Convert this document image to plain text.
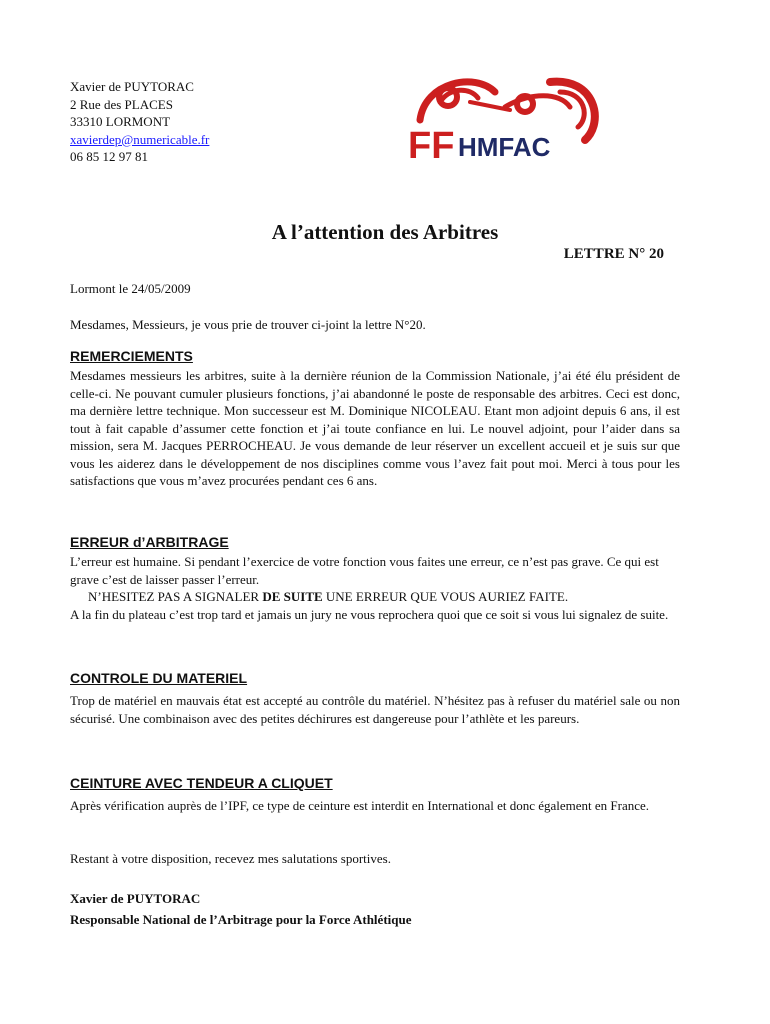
Xavier de PUYTORAC
2 Rue des PLACES
33310 LORMONT
xavierdep@numericable.fr
06 85 12 97 81	FF HMFAC
A l’attention des Arbitres
LETTRE N° 20
Lormont le 24/05/2009
Mesdames, Messieurs, je vous prie de trouver ci-joint la lettre N°20.
REMERCIEMENTS
Mesdames messieurs les arbitres, suite à la dernière réunion de la Commission Nationale, j’ai été élu président de celle-ci. Ne pouvant cumuler plusieurs fonctions, j’ai abandonné le poste de responsable des arbitres. Ceci est donc, ma dernière lettre technique. Mon successeur est M. Dominique NICOLEAU. Etant mon adjoint depuis 6 ans, il est tout à fait capable d’assumer cette fonction et j’ai toute confiance en lui. Le nouvel adjoint, pour l’aider dans sa mission, sera M. Jacques PERROCHEAU. Je vous demande de leur réserver un excellent accueil et je suis sur que vous les aiderez dans le développement de nos disciplines comme vous l’avez fait pout moi. Merci à tous pour les satisfactions que vous m’avez procurées pendant ces 6 ans.
ERREUR d’ARBITRAGE
L’erreur est humaine. Si pendant l’exercice de votre fonction vous faites une erreur, ce n’est pas grave. Ce qui est grave c’est de laisser passer l’erreur.
N’HESITEZ PAS A SIGNALER DE SUITE UNE ERREUR QUE VOUS AURIEZ FAITE.
A la fin du plateau c’est trop tard et jamais un jury ne vous reprochera quoi que ce soit si vous lui signalez de suite.
CONTROLE DU MATERIEL
Trop de matériel en mauvais état est accepté au contrôle du matériel. N’hésitez pas à refuser du matériel sale ou non sécurisé. Une combinaison avec des petites déchirures est dangereuse pour l’athlète et les pareurs.
CEINTURE AVEC TENDEUR A CLIQUET
Après vérification auprès de l’IPF, ce type de ceinture est interdit en International et donc également en France.
Restant à votre disposition, recevez mes salutations sportives.
Xavier de PUYTORAC
Responsable National de l’Arbitrage pour la Force Athlétique
